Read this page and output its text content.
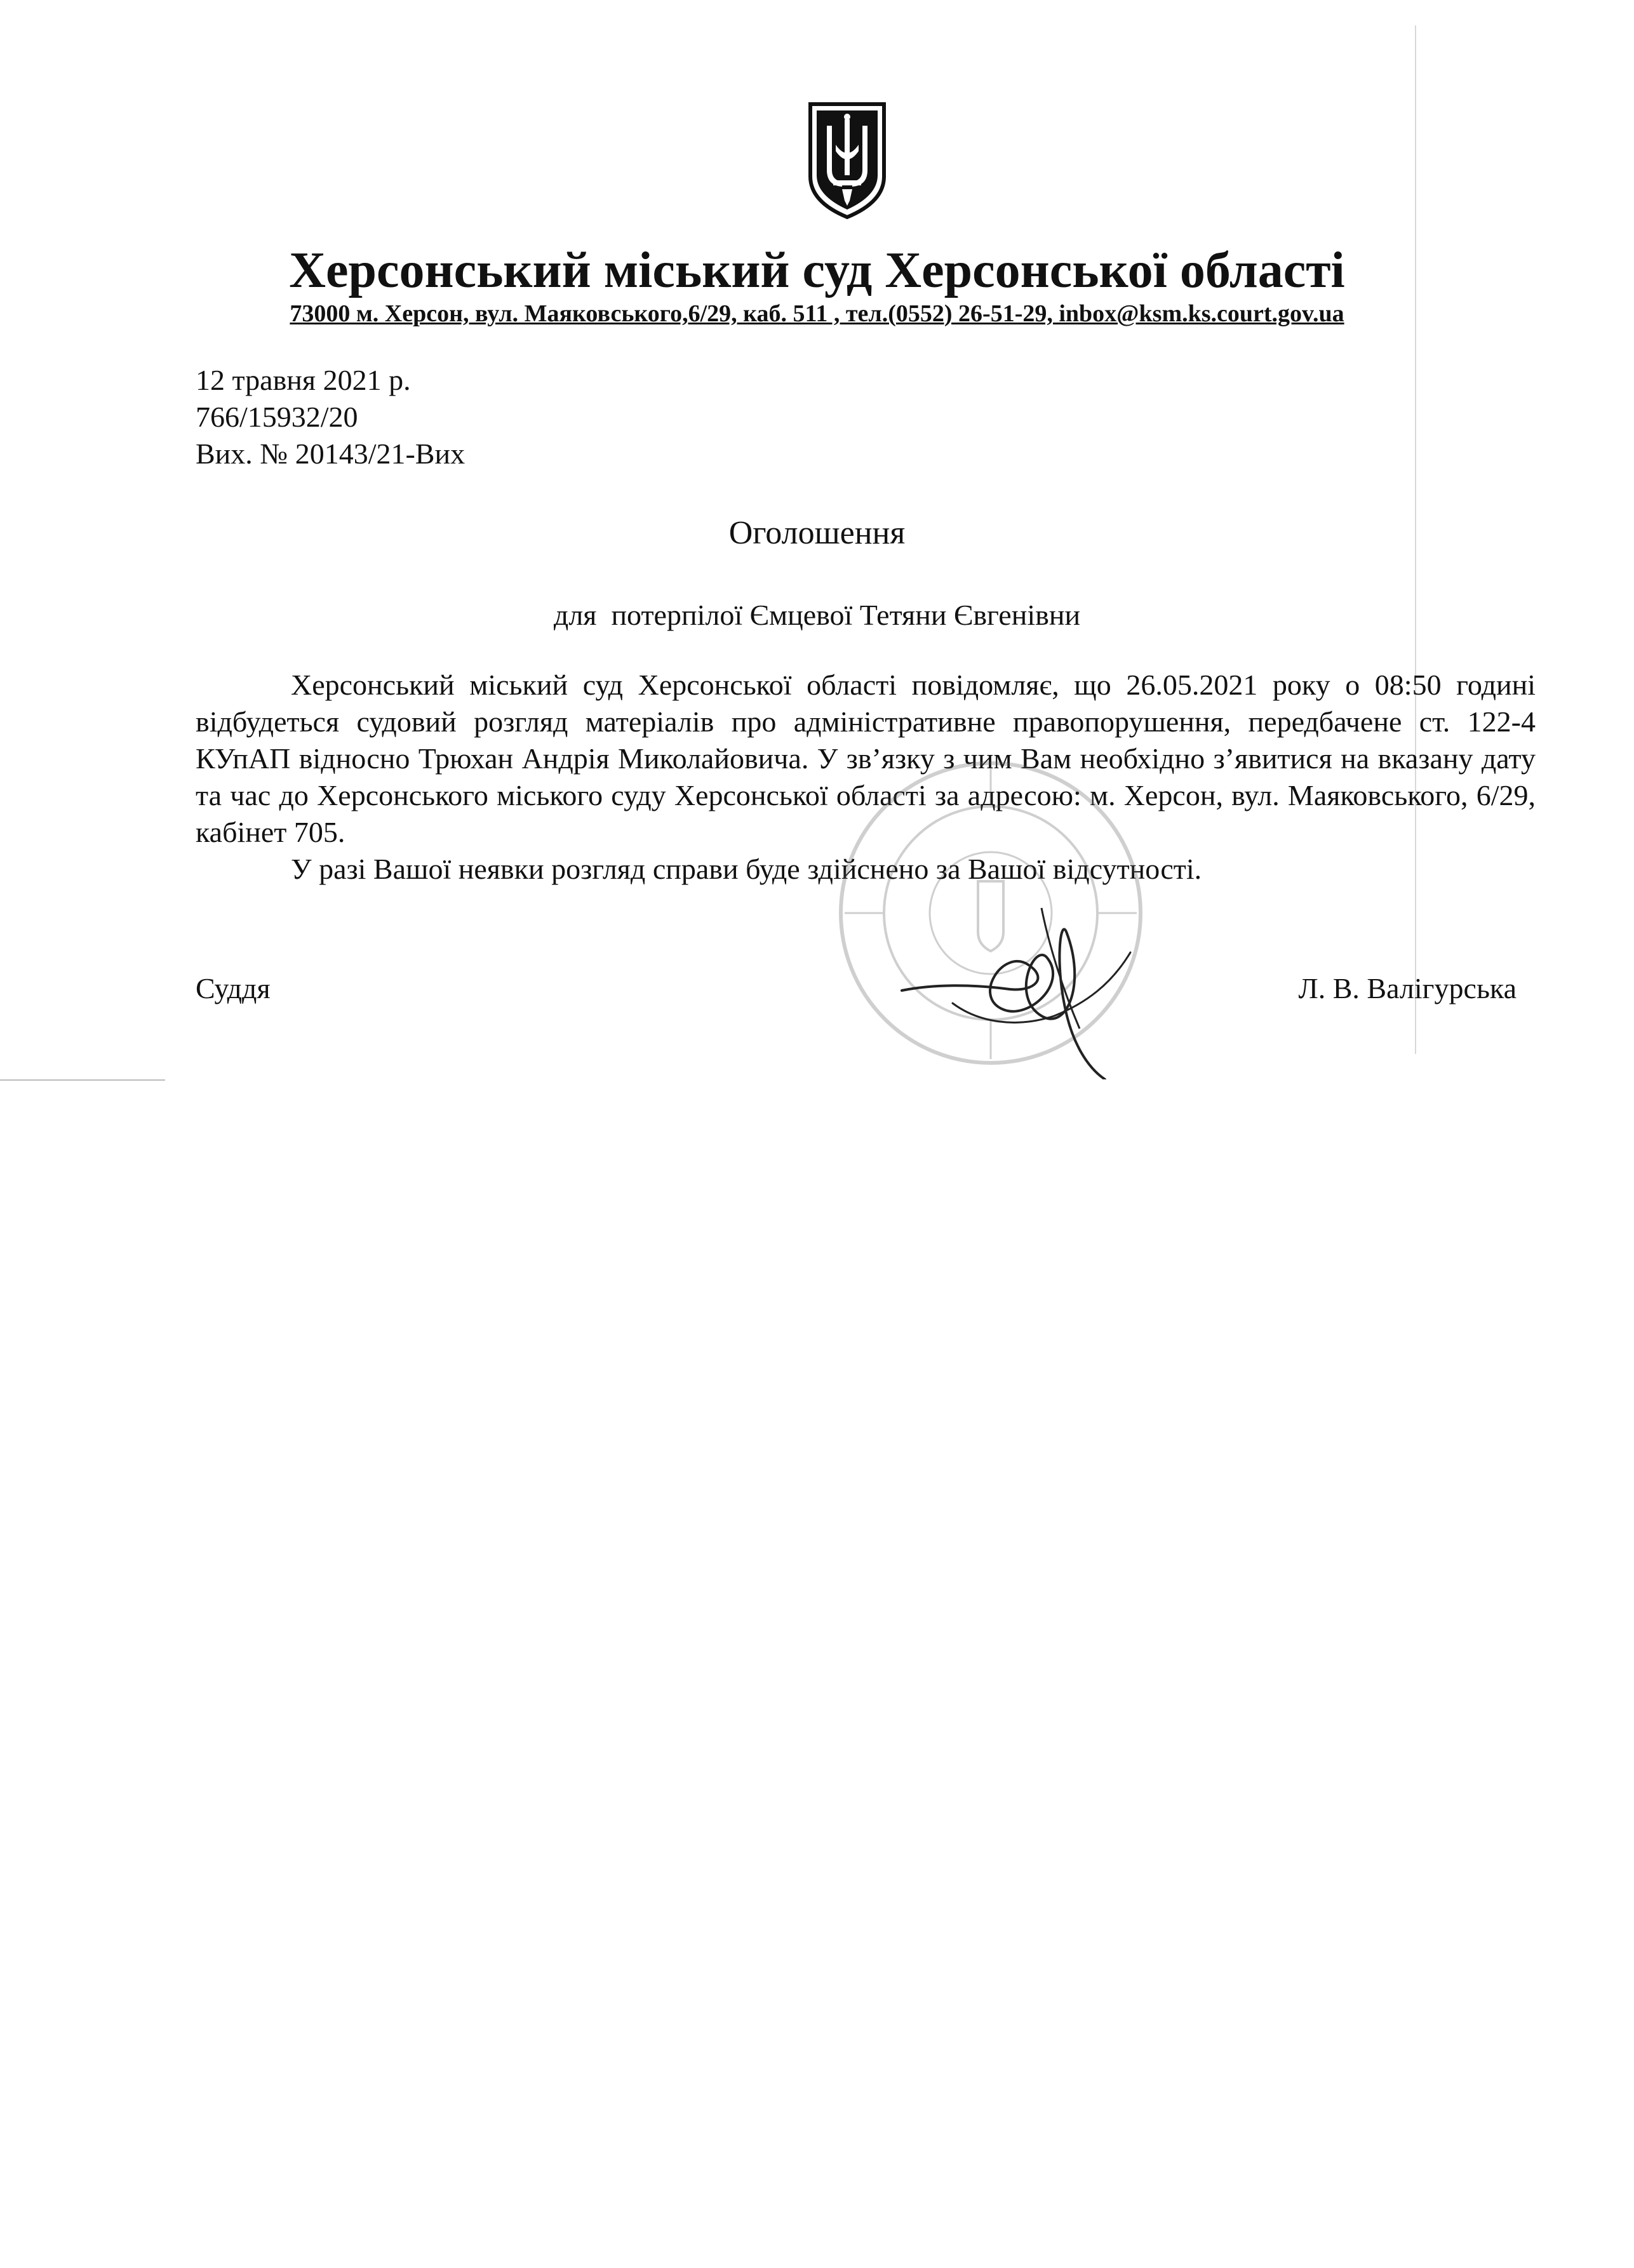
Херсонський міський суд Херсонської області
73000 м. Херсон, вул. Маяковського,6/29, каб. 511 , тел.(0552) 26-51-29, inbox@ksm.ks.court.gov.ua
12 травня 2021 р.
766/15932/20
Вих. № 20143/21-Вих
Оголошення
для  потерпілої Ємцевої Тетяни Євгенівни

Херсонський міський суд Херсонської області повідомляє, що 26.05.2021 року о 08:50 годині відбудеться судовий розгляд матеріалів про адміністративне правопорушення, передбачене ст. 122-4 КУпАП відносно Трюхан Андрія Миколайовича. У зв’язку з чим Вам необхідно з’явитися на вказану дату та час до Херсонського міського суду Херсонської області за адресою: м. Херсон, вул. Маяковського, 6/29, кабінет 705.

У разі Вашої неявки розгляд справи буде здійснено за Вашої відсутності.

Суддя	Л. В. Валігурська
